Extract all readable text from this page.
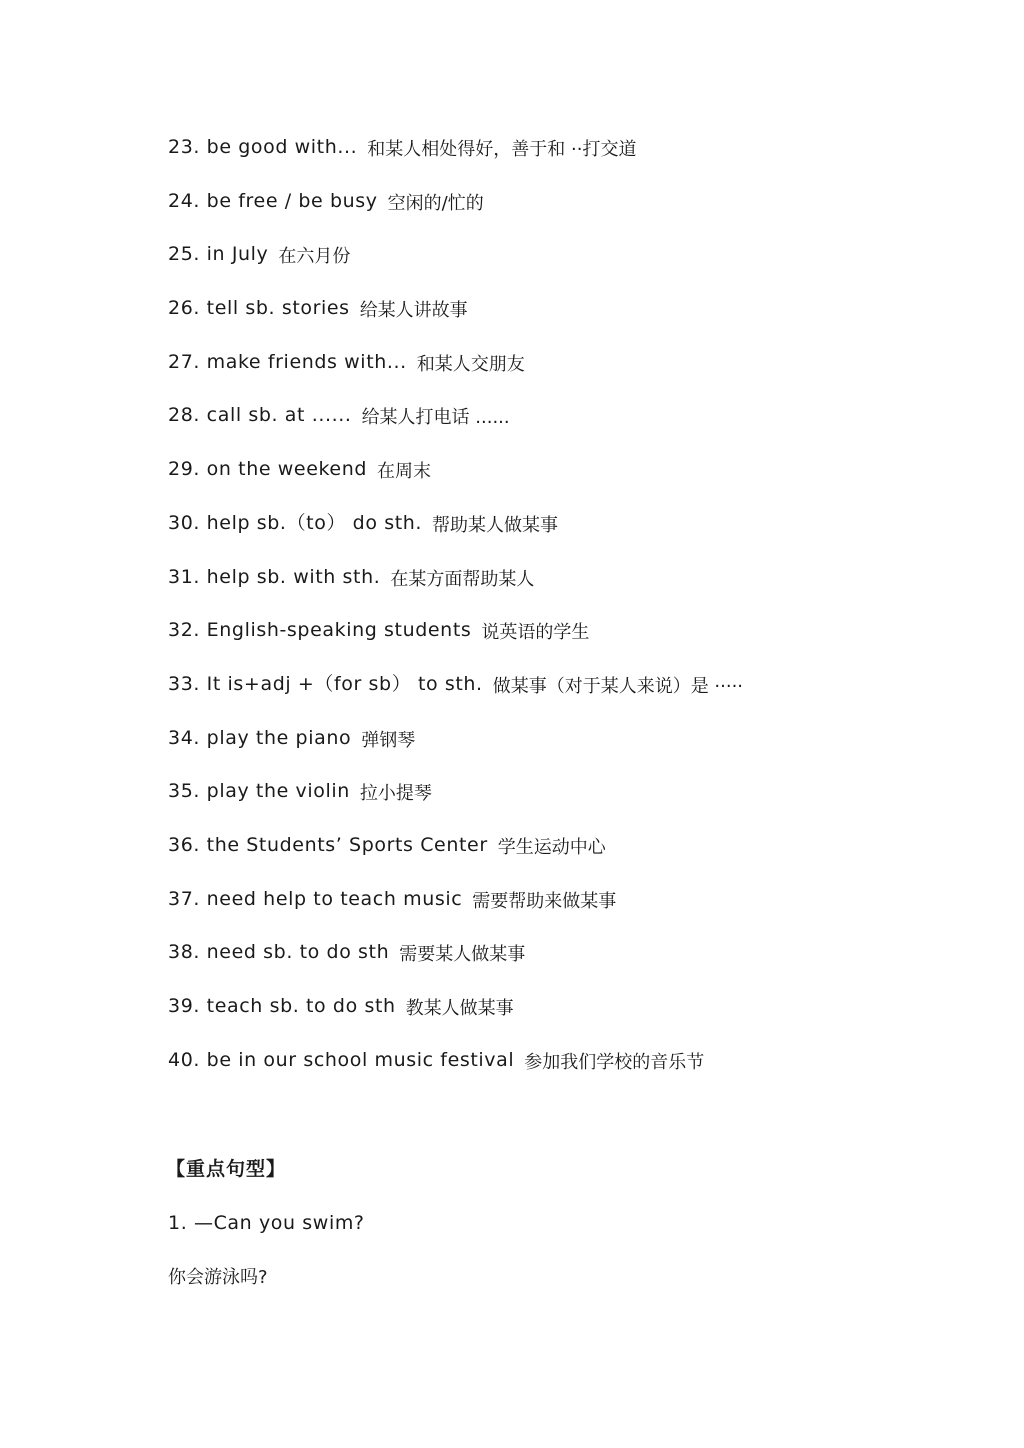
23. be good with... 和某人相处得好，善于和 ··打交道
24. be free / be busy 空闲的/忙的
25. in July 在六月份
26. tell sb. stories 给某人讲故事
27. make friends with... 和某人交朋友
28. call sb. at ...... 给某人打电话 ......
29. on the weekend 在周末
30. help sb.（to） do sth. 帮助某人做某事
31. help sb. with sth. 在某方面帮助某人
32. English-speaking students 说英语的学生
33. It is+adj +（for sb） to sth. 做某事（对于某人来说）是 ·····
34. play the piano 弹钢琴
35. play the violin 拉小提琴
36. the Students’ Sports Center 学生运动中心
37. need help to teach music 需要帮助来做某事
38. need sb. to do sth 需要某人做某事
39. teach sb. to do sth 教某人做某事
40. be in our school music festival 参加我们学校的音乐节
【重点句型】

1. —Can you swim?

你会游泳吗?
